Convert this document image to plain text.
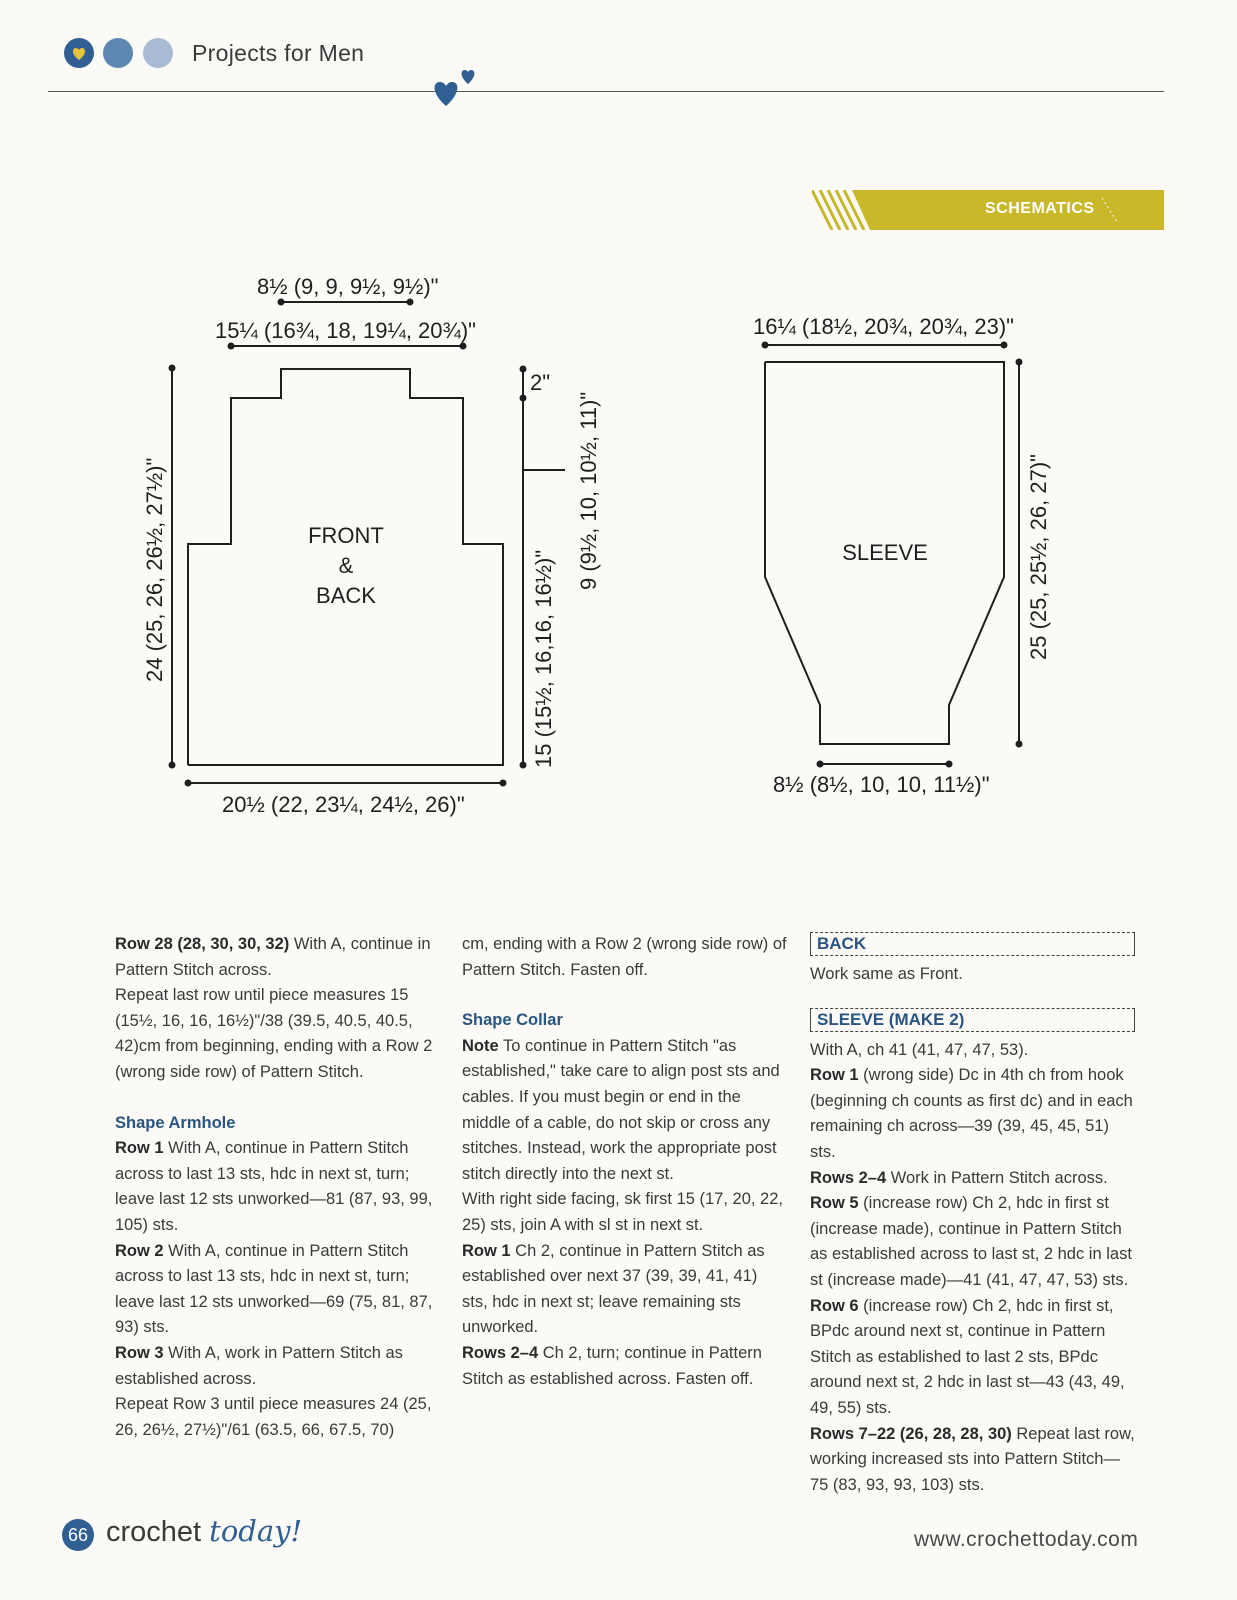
Projects for Men
SCHEMATICS
8½ (9, 9, 9½, 9½)"
15¼ (16¾, 18, 19¼, 20¾)"
24 (25, 26, 26½, 27½)"
2"
9 (9½, 10, 10½, 11)"
15 (15½, 16,16, 16½)"
20½ (22, 23¼, 24½, 26)"
FRONT
&
BACK
16¼ (18½, 20¾, 20¾, 23)"
25 (25, 25½, 26, 27)"
8½ (8½, 10, 10, 11½)"
SLEEVE

Row 28 (28, 30, 30, 32) With A, continue in Pattern Stitch across.

Repeat last row until piece measures 15 (15½, 16, 16, 16½)"/38 (39.5, 40.5, 40.5, 42)cm from beginning, ending with a Row 2 (wrong side row) of Pattern Stitch.

Shape Armhole

Row 1 With A, continue in Pattern Stitch across to last 13 sts, hdc in next st, turn; leave last 12 sts unworked—81 (87, 93, 99, 105) sts.

Row 2 With A, continue in Pattern Stitch across to last 13 sts, hdc in next st, turn; leave last 12 sts unworked—69 (75, 81, 87, 93) sts.

Row 3 With A, work in Pattern Stitch as established across.

Repeat Row 3 until piece measures 24 (25, 26, 26½, 27½)"/61 (63.5, 66, 67.5, 70)

cm, ending with a Row 2 (wrong side row) of Pattern Stitch. Fasten off.

Shape Collar

Note To continue in Pattern Stitch "as established," take care to align post sts and cables. If you must begin or end in the middle of a cable, do not skip or cross any stitches. Instead, work the appropriate post stitch directly into the next st.

With right side facing, sk first 15 (17, 20, 22, 25) sts, join A with sl st in next st.

Row 1 Ch 2, continue in Pattern Stitch as established over next 37 (39, 39, 41, 41) sts, hdc in next st; leave remaining sts unworked.

Rows 2–4 Ch 2, turn; continue in Pattern Stitch as established across. Fasten off.

BACK

Work same as Front.

SLEEVE (MAKE 2)

With A, ch 41 (41, 47, 47, 53).

Row 1 (wrong side) Dc in 4th ch from hook (beginning ch counts as first dc) and in each remaining ch across—39 (39, 45, 45, 51) sts.

Rows 2–4 Work in Pattern Stitch across.

Row 5 (increase row) Ch 2, hdc in first st (increase made), continue in Pattern Stitch as established across to last st, 2 hdc in last st (increase made)—41 (41, 47, 47, 53) sts.

Row 6 (increase row) Ch 2, hdc in first st, BPdc around next st, continue in Pattern Stitch as established to last 2 sts, BPdc around next st, 2 hdc in last st—43 (43, 49, 49, 55) sts.

Rows 7–22 (26, 28, 28, 30) Repeat last row, working increased sts into Pattern Stitch—75 (83, 93, 93, 103) sts.

66 crochet today!	www.crochettoday.com
